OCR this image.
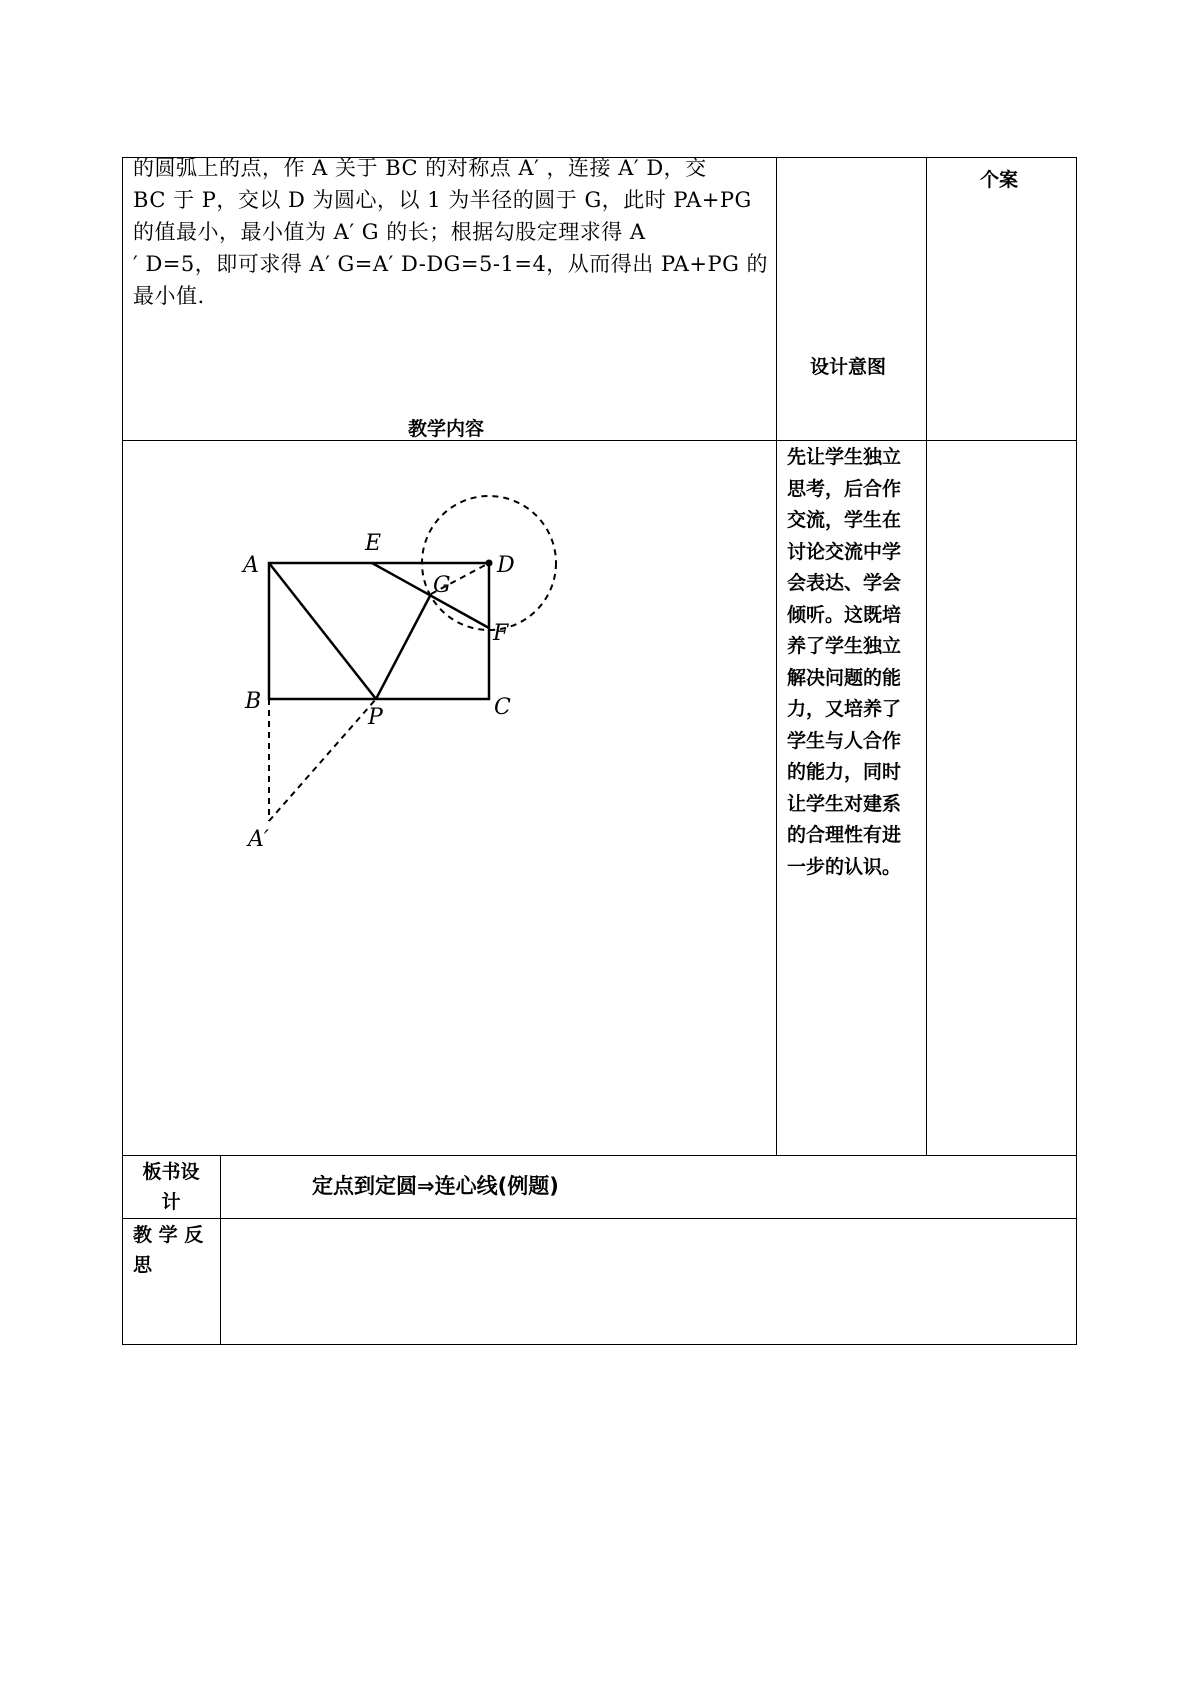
的圆弧上的点，作 A 关于 BC 的对称点 A′ ，连接 A′ D，交
BC 于 P，交以 D 为圆心，以 1 为半径的圆于 G，此时 PA+PG
的值最小，最小值为 A′ G 的长；根据勾股定理求得 A
′ D=5，即可求得 A′ G=A′ D-DG=5-1=4，从而得出 PA+PG 的
最小值.
教学内容
设计意图
个案
A
E
D
G
F
B	C
P
A′
先让学生独立
思考，后合作
交流，学生在
讨论交流中学
会表达、学会
倾听。这既培
养了学生独立
解决问题的能
力，又培养了
学生与人合作
的能力，同时
让学生对建系
的合理性有进
一步的认识。
板书设
计
定点到定圆⇒连心线(例题)
教 学 反
思
